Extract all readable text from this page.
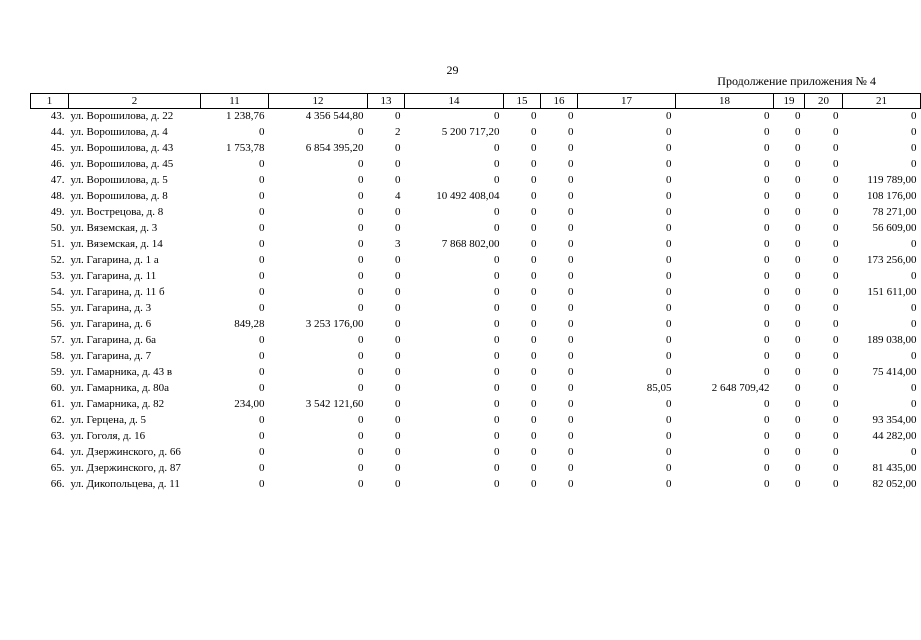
29
Продолжение приложения № 4
1	2	11	12	13	14	15	16	17	18	19	20	21
43.	ул. Ворошилова, д. 22	1 238,76	4 356 544,80	0	0	0	0	0	0	0	0	0
44.	ул. Ворошилова, д. 4	0	0	2	5 200 717,20	0	0	0	0	0	0	0
45.	ул. Ворошилова, д. 43	1 753,78	6 854 395,20	0	0	0	0	0	0	0	0	0
46.	ул. Ворошилова, д. 45	0	0	0	0	0	0	0	0	0	0	0
47.	ул. Ворошилова, д. 5	0	0	0	0	0	0	0	0	0	0	119 789,00
48.	ул. Ворошилова, д. 8	0	0	4	10 492 408,04	0	0	0	0	0	0	108 176,00
49.	ул. Вострецова, д. 8	0	0	0	0	0	0	0	0	0	0	78 271,00
50.	ул. Вяземская, д. 3	0	0	0	0	0	0	0	0	0	0	56 609,00
51.	ул. Вяземская, д. 14	0	0	3	7 868 802,00	0	0	0	0	0	0	0
52.	ул. Гагарина, д. 1 а	0	0	0	0	0	0	0	0	0	0	173 256,00
53.	ул. Гагарина, д. 11	0	0	0	0	0	0	0	0	0	0	0
54.	ул. Гагарина, д. 11 б	0	0	0	0	0	0	0	0	0	0	151 611,00
55.	ул. Гагарина, д. 3	0	0	0	0	0	0	0	0	0	0	0
56.	ул. Гагарина, д. 6	849,28	3 253 176,00	0	0	0	0	0	0	0	0	0
57.	ул. Гагарина, д. 6а	0	0	0	0	0	0	0	0	0	0	189 038,00
58.	ул. Гагарина, д. 7	0	0	0	0	0	0	0	0	0	0	0
59.	ул. Гамарника, д. 43 в	0	0	0	0	0	0	0	0	0	0	75 414,00
60.	ул. Гамарника, д. 80а	0	0	0	0	0	0	85,05	2 648 709,42	0	0	0
61.	ул. Гамарника, д. 82	234,00	3 542 121,60	0	0	0	0	0	0	0	0	0
62.	ул. Герцена, д. 5	0	0	0	0	0	0	0	0	0	0	93 354,00
63.	ул. Гоголя, д. 16	0	0	0	0	0	0	0	0	0	0	44 282,00
64.	ул. Дзержинского, д. 66	0	0	0	0	0	0	0	0	0	0	0
65.	ул. Дзержинского, д. 87	0	0	0	0	0	0	0	0	0	0	81 435,00
66.	ул. Дикопольцева, д. 11	0	0	0	0	0	0	0	0	0	0	82 052,00
